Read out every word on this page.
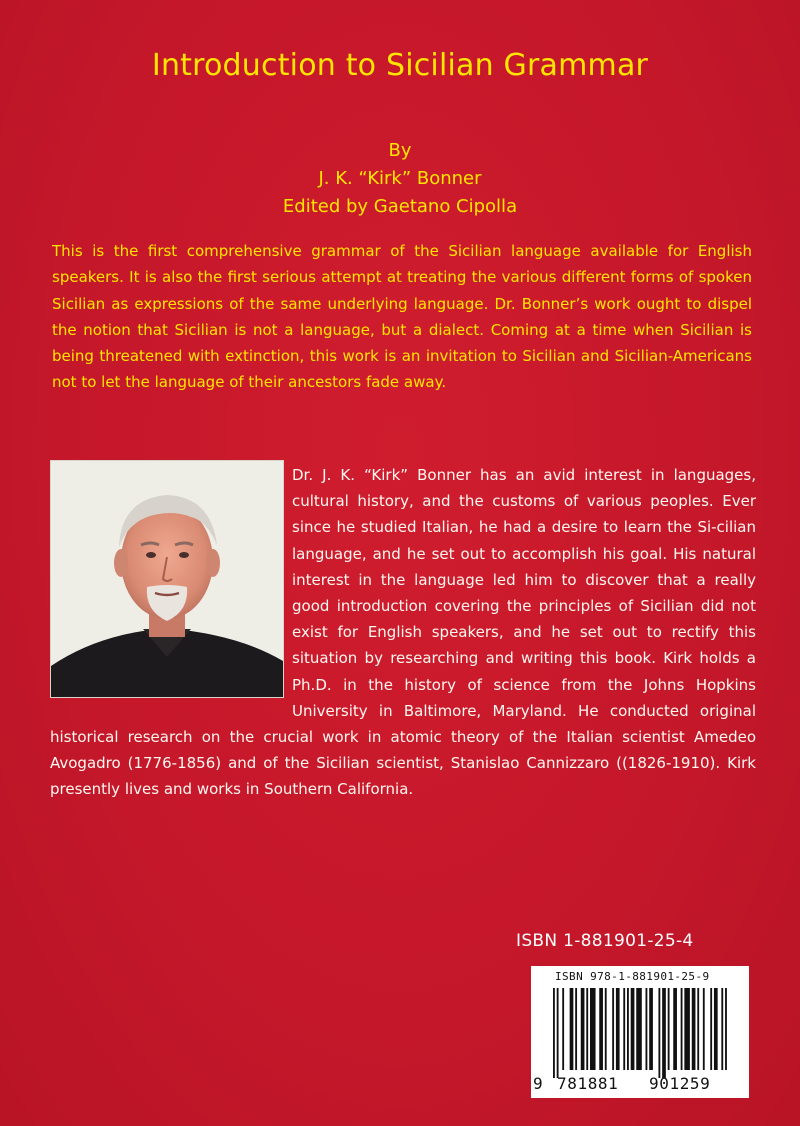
Introduction to Sicilian Grammar
By
J. K. “Kirk” Bonner
Edited by Gaetano Cipolla

This is the first comprehensive grammar of the Sicilian language available for English speakers. It is also the first serious attempt at treating the various different forms of spoken Sicilian as expressions of the same underlying language. Dr. Bonner’s work ought to dispel the notion that Sicilian is not a language, but a dialect. Coming at a time when Sicilian is being threatened with extinction, this work is an invitation to Sicilian and Sicilian-Americans not to let the language of their ancestors fade away.

Dr. J. K. “Kirk” Bonner has an avid interest in languages, cultural history, and the customs of various peoples. Ever since he studied Italian, he had a desire to learn the Si-cilian language, and he set out to accomplish his goal. His natural interest in the language led him to discover that a really good introduction covering the principles of Sicilian did not exist for English speakers, and he set out to rectify this situation by researching and writing this book. Kirk holds a Ph.D. in the history of science from the Johns Hopkins University in Baltimore, Maryland. He conducted original historical research on the crucial work in atomic theory of the Italian scientist Amedeo Avogadro (1776-1856) and of the Sicilian scientist, Stanislao Cannizzaro ((1826-1910). Kirk presently lives and works in Southern California.
ISBN 1-881901-25-4
ISBN 978-1-881901-25-9
9 781881 901259
